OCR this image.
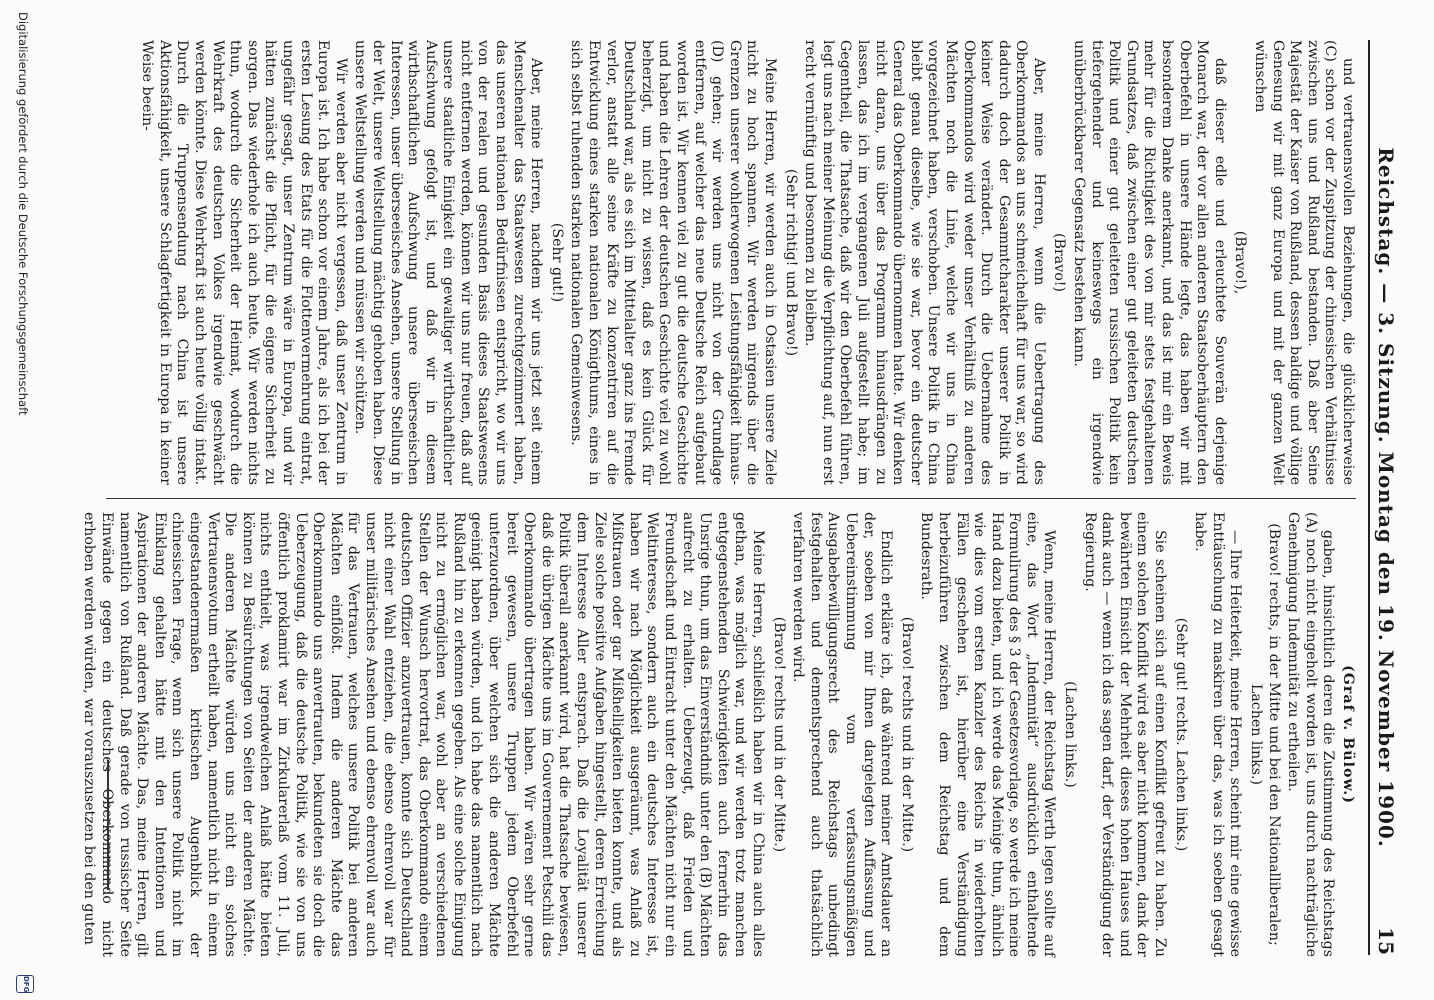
15
Reichstag. — 3. Sitzung. Montag den 19. November 1900.

und vertrauensvollen Beziehungen, die glücklicherweise (C) schon vor der Zuspitzung der chinesischen Verhältnisse zwischen uns und Rußland bestanden. Daß aber Seine Majestät der Kaiser von Rußland, dessen baldige und völlige Genesung wir mit ganz Europa und mit der ganzen Welt wünschen

(Bravo!),

daß dieser edle und erleuchtete Souverän derjenige Monarch war, der vor allen anderen Staatsoberhäuptern den Oberbefehl in unsere Hände legte, das haben wir mit besonderem Danke anerkannt, und das ist mir ein Beweis mehr für die Richtigkeit des von mir stets festgehaltenen Grundsatzes, daß zwischen einer gut geleiteten deutschen Politik und einer gut geleiteten russischen Politik kein tiefergehender und keineswegs ein irgendwie unüberbrückbarer Gegensatz bestehen kann.

(Bravo!)

Aber, meine Herren, wenn die Uebertragung des Oberkommandos an uns schmeichelhaft für uns war, so wird dadurch doch der Gesammtcharakter unserer Politik in keiner Weise verändert. Durch die Uebernahme des Oberkommandos wird weder unser Verhältniß zu anderen Mächten noch die Linie, welche wir uns in China vorgezeichnet haben, verschoben. Unsere Politik in China bleibt genau dieselbe, wie sie war, bevor ein deutscher General das Oberkommando übernommen hatte. Wir denken nicht daran, uns über das Programm hinausdrängen zu lassen, das ich im vergangenen Juli aufgestellt habe; im Gegentheil, die Thatsache, daß wir den Oberbefehl führen, legt uns nach meiner Meinung die Verpflichtung auf, nun erst recht vernünftig und besonnen zu bleiben.

(Sehr richtig! und Bravo!)

Meine Herren, wir werden auch in Ostasien unsere Ziele nicht zu hoch spannen. Wir werden nirgends über die Grenzen unserer wohlerwogenen Leistungsfähigkeit hinaus- (D) gehen; wir werden uns nicht von der Grundlage entfernen, auf welcher das neue Deutsche Reich aufgebaut worden ist. Wir kennen viel zu gut die deutsche Geschichte und haben die Lehren der deutschen Geschichte viel zu wohl beherzigt, um nicht zu wissen, daß es kein Glück für Deutschland war, als es sich im Mittelalter ganz ins Fremde verlor, anstatt alle seine Kräfte zu konzentriren auf die Entwicklung eines starken nationalen Königthums, eines in sich selbst ruhenden starken nationalen Gemeinwesens.

(Sehr gut!)

Aber, meine Herren, nachdem wir uns jetzt seit einem Menschenalter das Staatswesen zurechtgezimmert haben, das unseren nationalen Bedürfnissen entspricht, wo wir uns von der realen und gesunden Basis dieses Staatswesens nicht entfernen werden, können wir uns nur freuen, daß auf unsere staatliche Einigkeit ein gewaltiger wirthschaftlicher Aufschwung gefolgt ist, und daß wir in diesem wirthschaftlichen Aufschwung unsere überseeischen Interessen, unser überseeisches Ansehen, unsere Stellung in der Welt, unsere Weltstellung mächtig gehoben haben. Diese unsere Weltstellung werden und müssen wir schützen.

Wir werden aber nicht vergessen, daß unser Zentrum in Europa ist. Ich habe schon vor einem Jahre, als ich bei der ersten Lesung des Etats für die Flottenvermehrung eintrat, ungefähr gesagt, unser Zentrum wäre in Europa, und wir hätten zunächst die Pflicht, für die eigene Sicherheit zu sorgen. Das wiederhole ich auch heute. Wir werden nichts thun, wodurch die Sicherheit der Heimat, wodurch die Wehrkraft des deutschen Volkes irgendwie geschwächt werden könnte. Diese Wehrkraft ist auch heute völlig intakt. Durch die Truppensendung nach China ist unsere Aktionsfähigkeit, unsere Schlagfertigkeit in Europa in keiner Weise beein-

(Graf v. Bülow.)

gaben, hinsichtlich deren die Zustimmung des Reichstags (A) noch nicht eingeholt worden ist, uns durch nachträgliche Genehmigung Indemnität zu ertheilen.

(Bravo! rechts, in der Mitte und bei den Nationalliberalen; Lachen links.)

— Ihre Heiterkeit, meine Herren, scheint mir eine gewisse Enttäuschung zu maskiren über das, was ich soeben gesagt habe.

(Sehr gut! rechts. Lachen links.)

Sie scheinen sich auf einen Konflikt gefreut zu haben. Zu einem solchen Konflikt wird es aber nicht kommen, dank der bewährten Einsicht der Mehrheit dieses hohen Hauses und dank auch — wenn ich das sagen darf, der Verständigung der Regierung.

(Lachen links.)

Wenn, meine Herren, der Reichstag Werth legen sollte auf eine, das Wort „Indemnität“ ausdrücklich enthaltende Formulirung des § 3 der Gesetzesvorlage, so werde ich meine Hand dazu bieten, und ich werde das Meinige thun, ähnlich wie dies vom ersten Kanzler des Reichs in wiederholten Fällen geschehen ist, hierüber eine Verständigung herbeizuführen zwischen dem Reichstag und dem Bundesrath.

(Bravo! rechts und in der Mitte.)

Endlich erkläre ich, daß während meiner Amtsdauer an der, soeben von mir Ihnen dargelegten Auffassung und Uebereinstimmung vom verfassungsmäßigen Ausgabebewilligungsrecht des Reichstags unbedingt festgehalten und dementsprechend auch thatsächlich verfahren werden wird.

(Bravo! rechts und in der Mitte.)

Meine Herren, schließlich haben wir in China auch alles gethan, was möglich war, und wir werden trotz manchen entgegenstehenden Schwierigkeiten auch fernerhin das Unsrige thun, um das Einverständniß unter den (B) Mächten aufrecht zu erhalten. Ueberzeugt, daß Frieden und Freundschaft und Eintracht unter den Mächten nicht nur ein Weltinteresse, sondern auch ein deutsches Interesse ist, haben wir nach Möglichkeit ausgeräumt, was Anlaß zu Mißtrauen oder gar Mißhelligkeiten bieten konnte, und als Ziele solche positive Aufgaben hingestellt, deren Erreichung dem Interesse Aller entsprach. Daß die Loyalität unserer Politik überall anerkannt wird, hat die Thatsache bewiesen, daß die übrigen Mächte uns im Gouvernement Petschili das Oberkommando übertragen haben. Wir wären sehr gerne bereit gewesen, unsere Truppen jedem Oberbefehl unterzuordnen, über welchen sich die anderen Mächte geeinigt haben würden, und ich habe das namentlich nach Rußland hin zu erkennen gegeben. Als eine solche Einigung nicht zu ermöglichen war, wohl aber an verschiedenen Stellen der Wunsch hervortrat, das Oberkommando einem deutschen Offizier anzuvertrauen, konnte sich Deutschland nicht einer Wahl entziehen, die ebenso ehrenvoll war für unser militärisches Ansehen und ebenso ehrenvoll war auch für das Vertrauen, welches unsere Politik bei anderen Mächten einflößt. Indem die anderen Mächte das Oberkommando uns anvertrauten, bekundeten sie doch die Ueberzeugung, daß die deutsche Politik, wie sie von uns öffentlich proklamirt war im Zirkularerlaß vom 11. Juli, nichts enthielt, was irgendwelchen Anlaß hätte bieten können zu Besürchtungen von Seiten der anderen Mächte. Die anderen Mächte würden uns nicht ein solches Vertrauensvotum ertheilt haben, namentlich nicht in einem eingestandenermaßen kritischen Augenblick der chinesischen Frage, wenn sich unsere Politik nicht im Einklang gehalten hätte mit den Intentionen und Aspirationen der anderen Mächte. Das, meine Herren, gilt namentlich von Rußland. Daß gerade von russischer Seite Einwände gegen ein deutsches Oberkommando nicht erhoben werden würden, war vorauszusetzen bei den guten

Digitalisierung gefördert durch die Deutsche Forschungsgemeinschaft
DFG
